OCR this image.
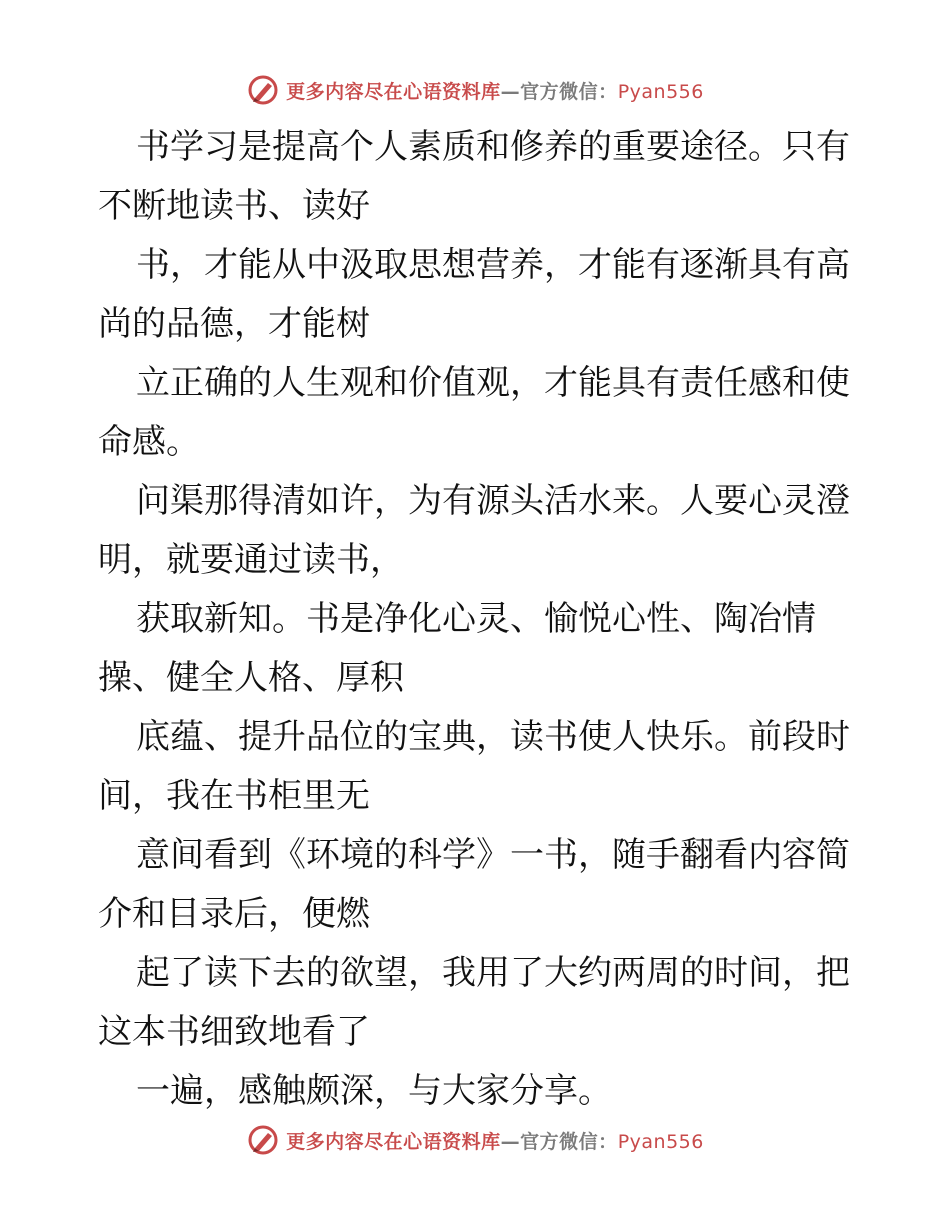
更多内容尽在心语资料库—官方微信：Pyan556

书学习是提高个人素质和修养的重要途径。只有
不断地读书、读好

书，才能从中汲取思想营养，才能有逐渐具有高
尚的品德，才能树

立正确的人生观和价值观，才能具有责任感和使
命感。

问渠那得清如许，为有源头活水来。人要心灵澄
明，就要通过读书，

获取新知。书是净化心灵、愉悦心性、陶冶情
操、健全人格、厚积

底蕴、提升品位的宝典，读书使人快乐。前段时
间，我在书柜里无

意间看到《环境的科学》一书，随手翻看内容简
介和目录后，便燃

起了读下去的欲望，我用了大约两周的时间，把
这本书细致地看了

一遍，感触颇深，与大家分享。

更多内容尽在心语资料库—官方微信：Pyan556
